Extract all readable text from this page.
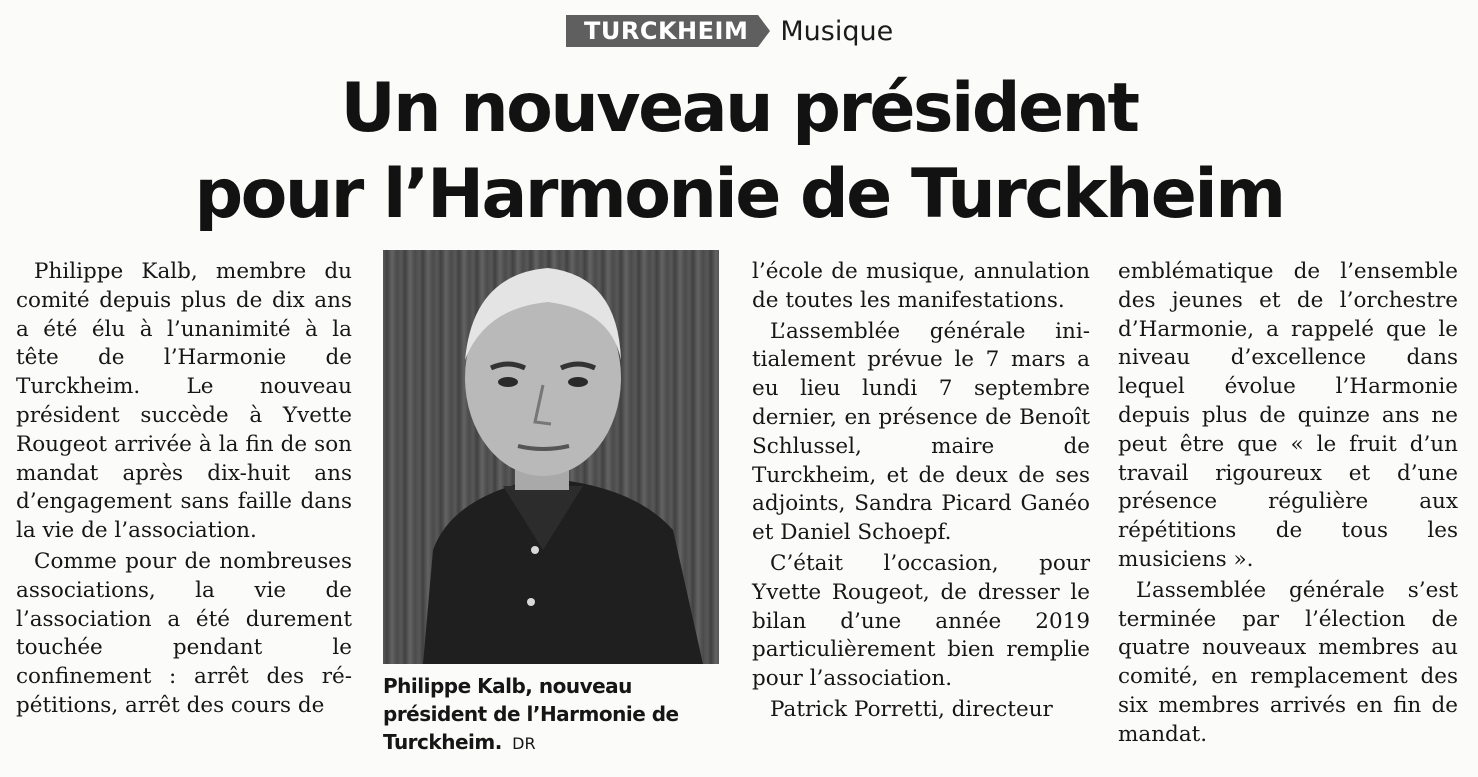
TURCKHEIM	Musique
Un nouveau président
pour l’Harmonie de Turckheim

Philippe Kalb, membre du comité depuis plus de dix ans a été élu à l’unanimité à la tête de l’Harmonie de Turckheim. Le nouveau président succède à Yvette Rougeot arrivée à la fin de son mandat après dix-huit ans d’engagement sans faille dans la vie de l’association.

Comme pour de nombreuses associations, la vie de l’association a été durement touchée pendant le confinement : arrêt des répétitions, arrêt des cours de

Philippe Kalb, nouveau président de l’Harmonie de Turckheim. DR

l’école de musique, annulation de toutes les manifestations.

L’assemblée générale initialement prévue le 7 mars a eu lieu lundi 7 septembre dernier, en présence de Benoît Schlussel, maire de Turckheim, et de deux de ses adjoints, Sandra Picard Ganéo et Daniel Schoepf.

C’était l’occasion, pour Yvette Rougeot, de dresser le bilan d’une année 2019 particulièrement bien remplie pour l’association.

Patrick Porretti, directeur

emblématique de l’ensemble des jeunes et de l’orchestre d’Harmonie, a rappelé que le niveau d’excellence dans lequel évolue l’Harmonie depuis plus de quinze ans ne peut être que « le fruit d’un travail rigoureux et d’une présence régulière aux répétitions de tous les musiciens ».

L’assemblée générale s’est terminée par l’élection de quatre nouveaux membres au comité, en remplacement des six membres arrivés en fin de mandat.
